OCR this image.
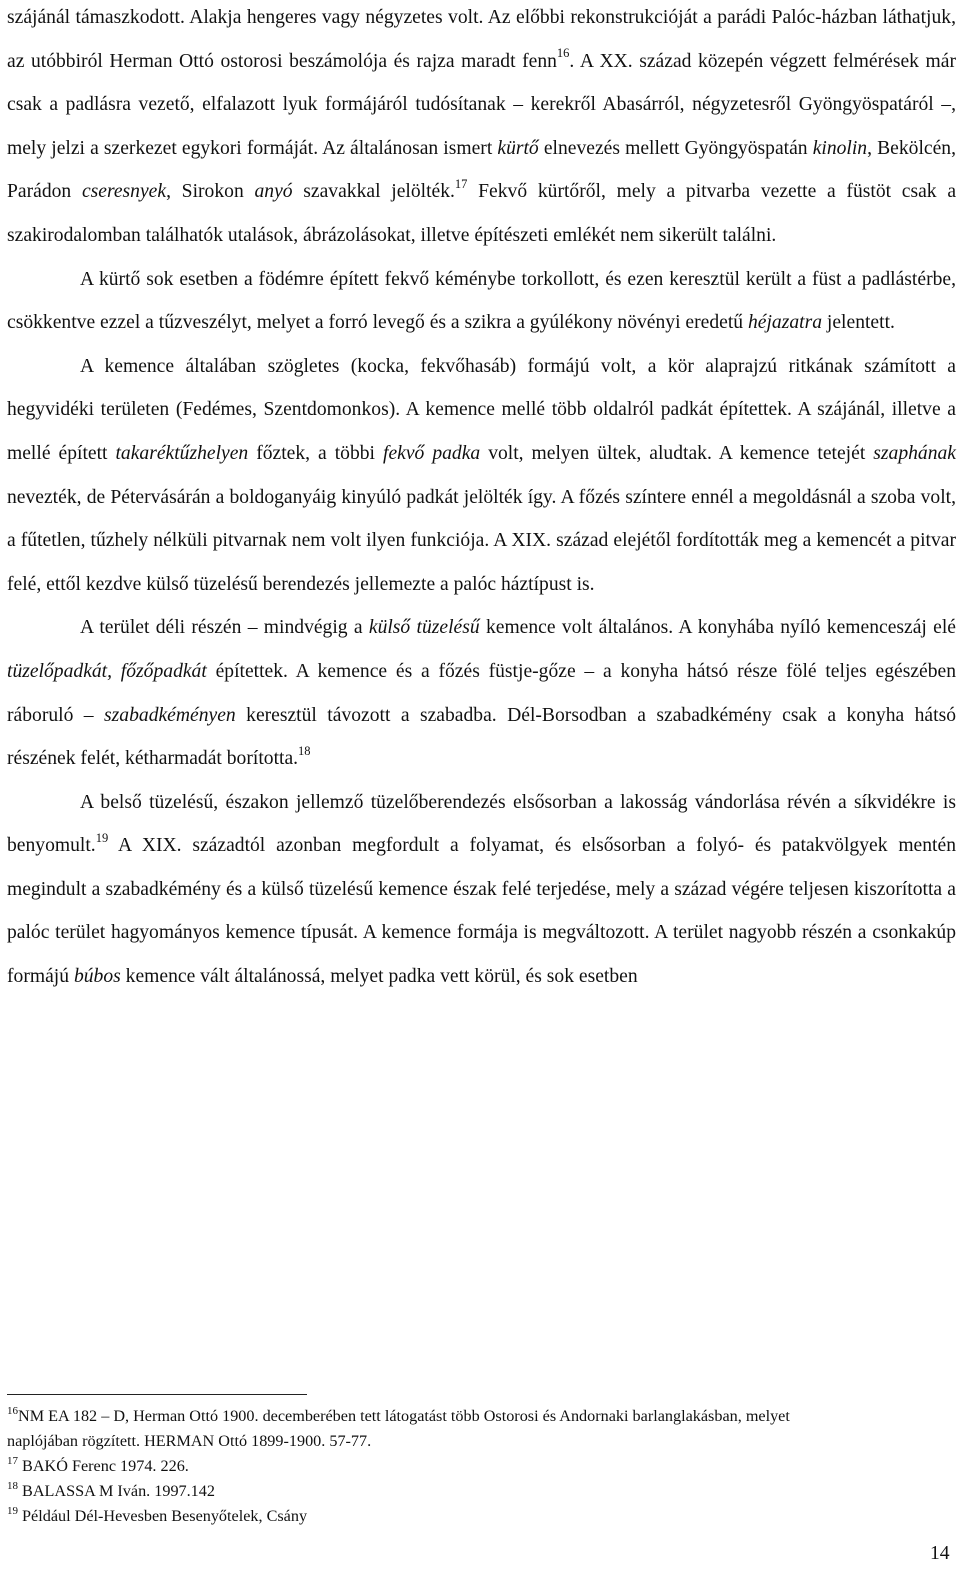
szájánál támaszkodott. Alakja hengeres vagy négyzetes volt. Az előbbi rekonstrukcióját a parádi Palóc-házban láthatjuk, az utóbbiról Herman Ottó ostorosi beszámolója és rajza maradt fenn$^{16}$. A XX. század közepén végzett felmérések már csak a padlásra vezető, elfalazott lyuk formájáról tudósítanak – kerekről Abasárról, négyzetesről Gyöngyöspatáról –, mely jelzi a szerkezet egykori formáját. Az általánosan ismert kürtő elnevezés mellett Gyöngyöspatán kinolin, Bekölcén, Parádon cseresnyek, Sirokon anyó szavakkal jelölték.$^{17}$ Fekvő kürtőről, mely a pitvarba vezette a füstöt csak a szakirodalomban találhatók utalások, ábrázolásokat, illetve építészeti emlékét nem sikerült találni.

A kürtő sok esetben a födémre épített fekvő kéménybe torkollott, és ezen keresztül került a füst a padlástérbe, csökkentve ezzel a tűzveszélyt, melyet a forró levegő és a szikra a gyúlékony növényi eredetű héjazatra jelentett.

A kemence általában szögletes (kocka, fekvőhasáb) formájú volt, a kör alaprajzú ritkának számított a hegyvidéki területen (Fedémes, Szentdomonkos). A kemence mellé több oldalról padkát építettek. A szájánál, illetve a mellé épített takaréktűzhelyen főztek, a többi fekvő padka volt, melyen ültek, aludtak. A kemence tetejét szaphának nevezték, de Pétervásárán a boldoganyáig kinyúló padkát jelölték így. A főzés színtere ennél a megoldásnál a szoba volt, a fűtetlen, tűzhely nélküli pitvarnak nem volt ilyen funkciója. A XIX. század elejétől fordították meg a kemencét a pitvar felé, ettől kezdve külső tüzelésű berendezés jellemezte a palóc háztípust is.

A terület déli részén – mindvégig a külső tüzelésű kemence volt általános. A konyhába nyíló kemenceszáj elé tüzelőpadkát, főzőpadkát építettek. A kemence és a főzés füstje-gőze – a konyha hátsó része fölé teljes egészében ráboruló – szabadkéményen keresztül távozott a szabadba. Dél-Borsodban a szabadkémény csak a konyha hátsó részének felét, kétharmadát borította.$^{18}$

A belső tüzelésű, északon jellemző tüzelőberendezés elsősorban a lakosság vándorlása révén a síkvidékre is benyomult.$^{19}$ A XIX. századtól azonban megfordult a folyamat, és elsősorban a folyó- és patakvölgyek mentén megindult a szabadkémény és a külső tüzelésű kemence észak felé terjedése, mely a század végére teljesen kiszorította a palóc terület hagyományos kemence típusát. A kemence formája is megváltozott. A terület nagyobb részén a csonkakúp formájú búbos kemence vált általánossá, melyet padka vett körül, és sok esetben

$^{16}$NM EA 182 – D, Herman Ottó 1900. decemberében tett látogatást több Ostorosi és Andornaki barlanglakásban, melyet naplójában rögzített. HERMAN Ottó 1899-1900. 57-77.
$^{17}$ BAKÓ Ferenc 1974. 226.
$^{18}$ BALASSA M Iván. 1997.142
$^{19}$ Például Dél-Hevesben Besenyőtelek, Csány
14
